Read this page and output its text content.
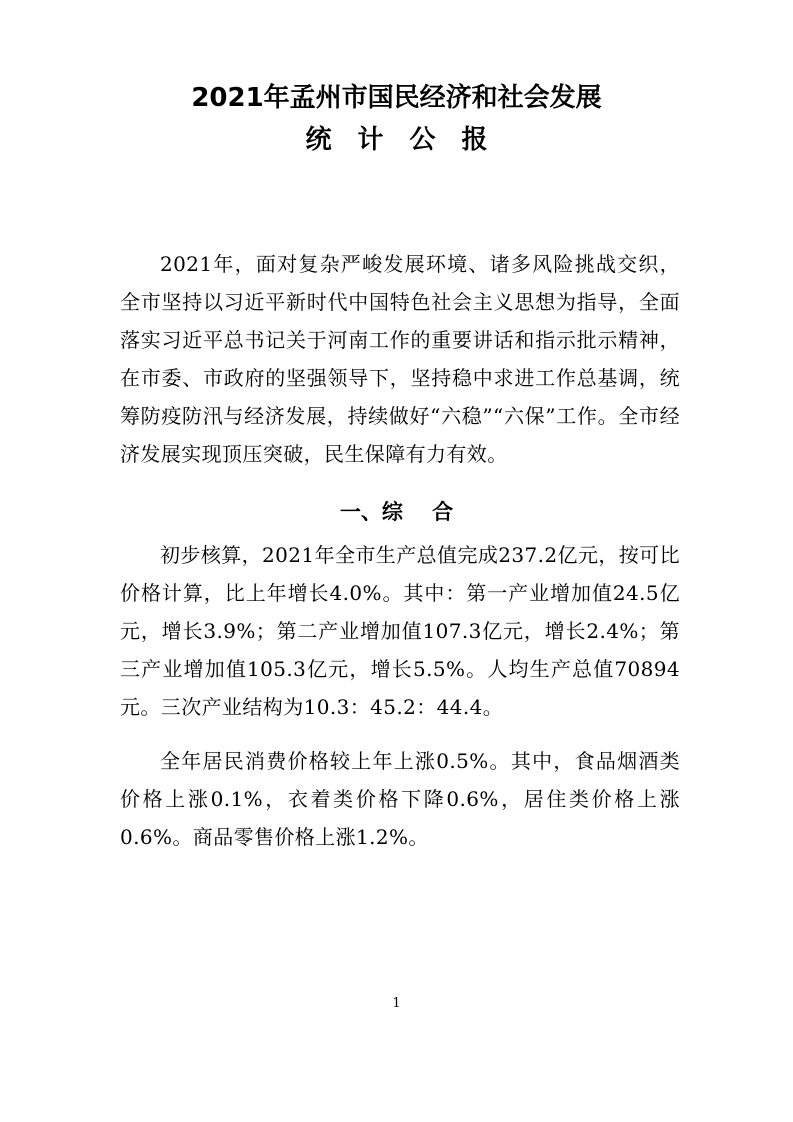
2021年孟州市国民经济和社会发展
统计公报

2021年，面对复杂严峻发展环境、诸多风险挑战交织，全市坚持以习近平新时代中国特色社会主义思想为指导，全面落实习近平总书记关于河南工作的重要讲话和指示批示精神，在市委、市政府的坚强领导下，坚持稳中求进工作总基调，统筹防疫防汛与经济发展，持续做好“六稳”“六保”工作。全市经济发展实现顶压突破，民生保障有力有效。

一、综    合

初步核算，2021年全市生产总值完成237.2亿元，按可比价格计算，比上年增长4.0%。其中：第一产业增加值24.5亿元，增长3.9%；第二产业增加值107.3亿元，增长2.4%；第三产业增加值105.3亿元，增长5.5%。人均生产总值70894元。三次产业结构为10.3：45.2：44.4。

全年居民消费价格较上年上涨0.5%。其中，食品烟酒类价格上涨0.1%，衣着类价格下降0.6%，居住类价格上涨0.6%。商品零售价格上涨1.2%。

1
